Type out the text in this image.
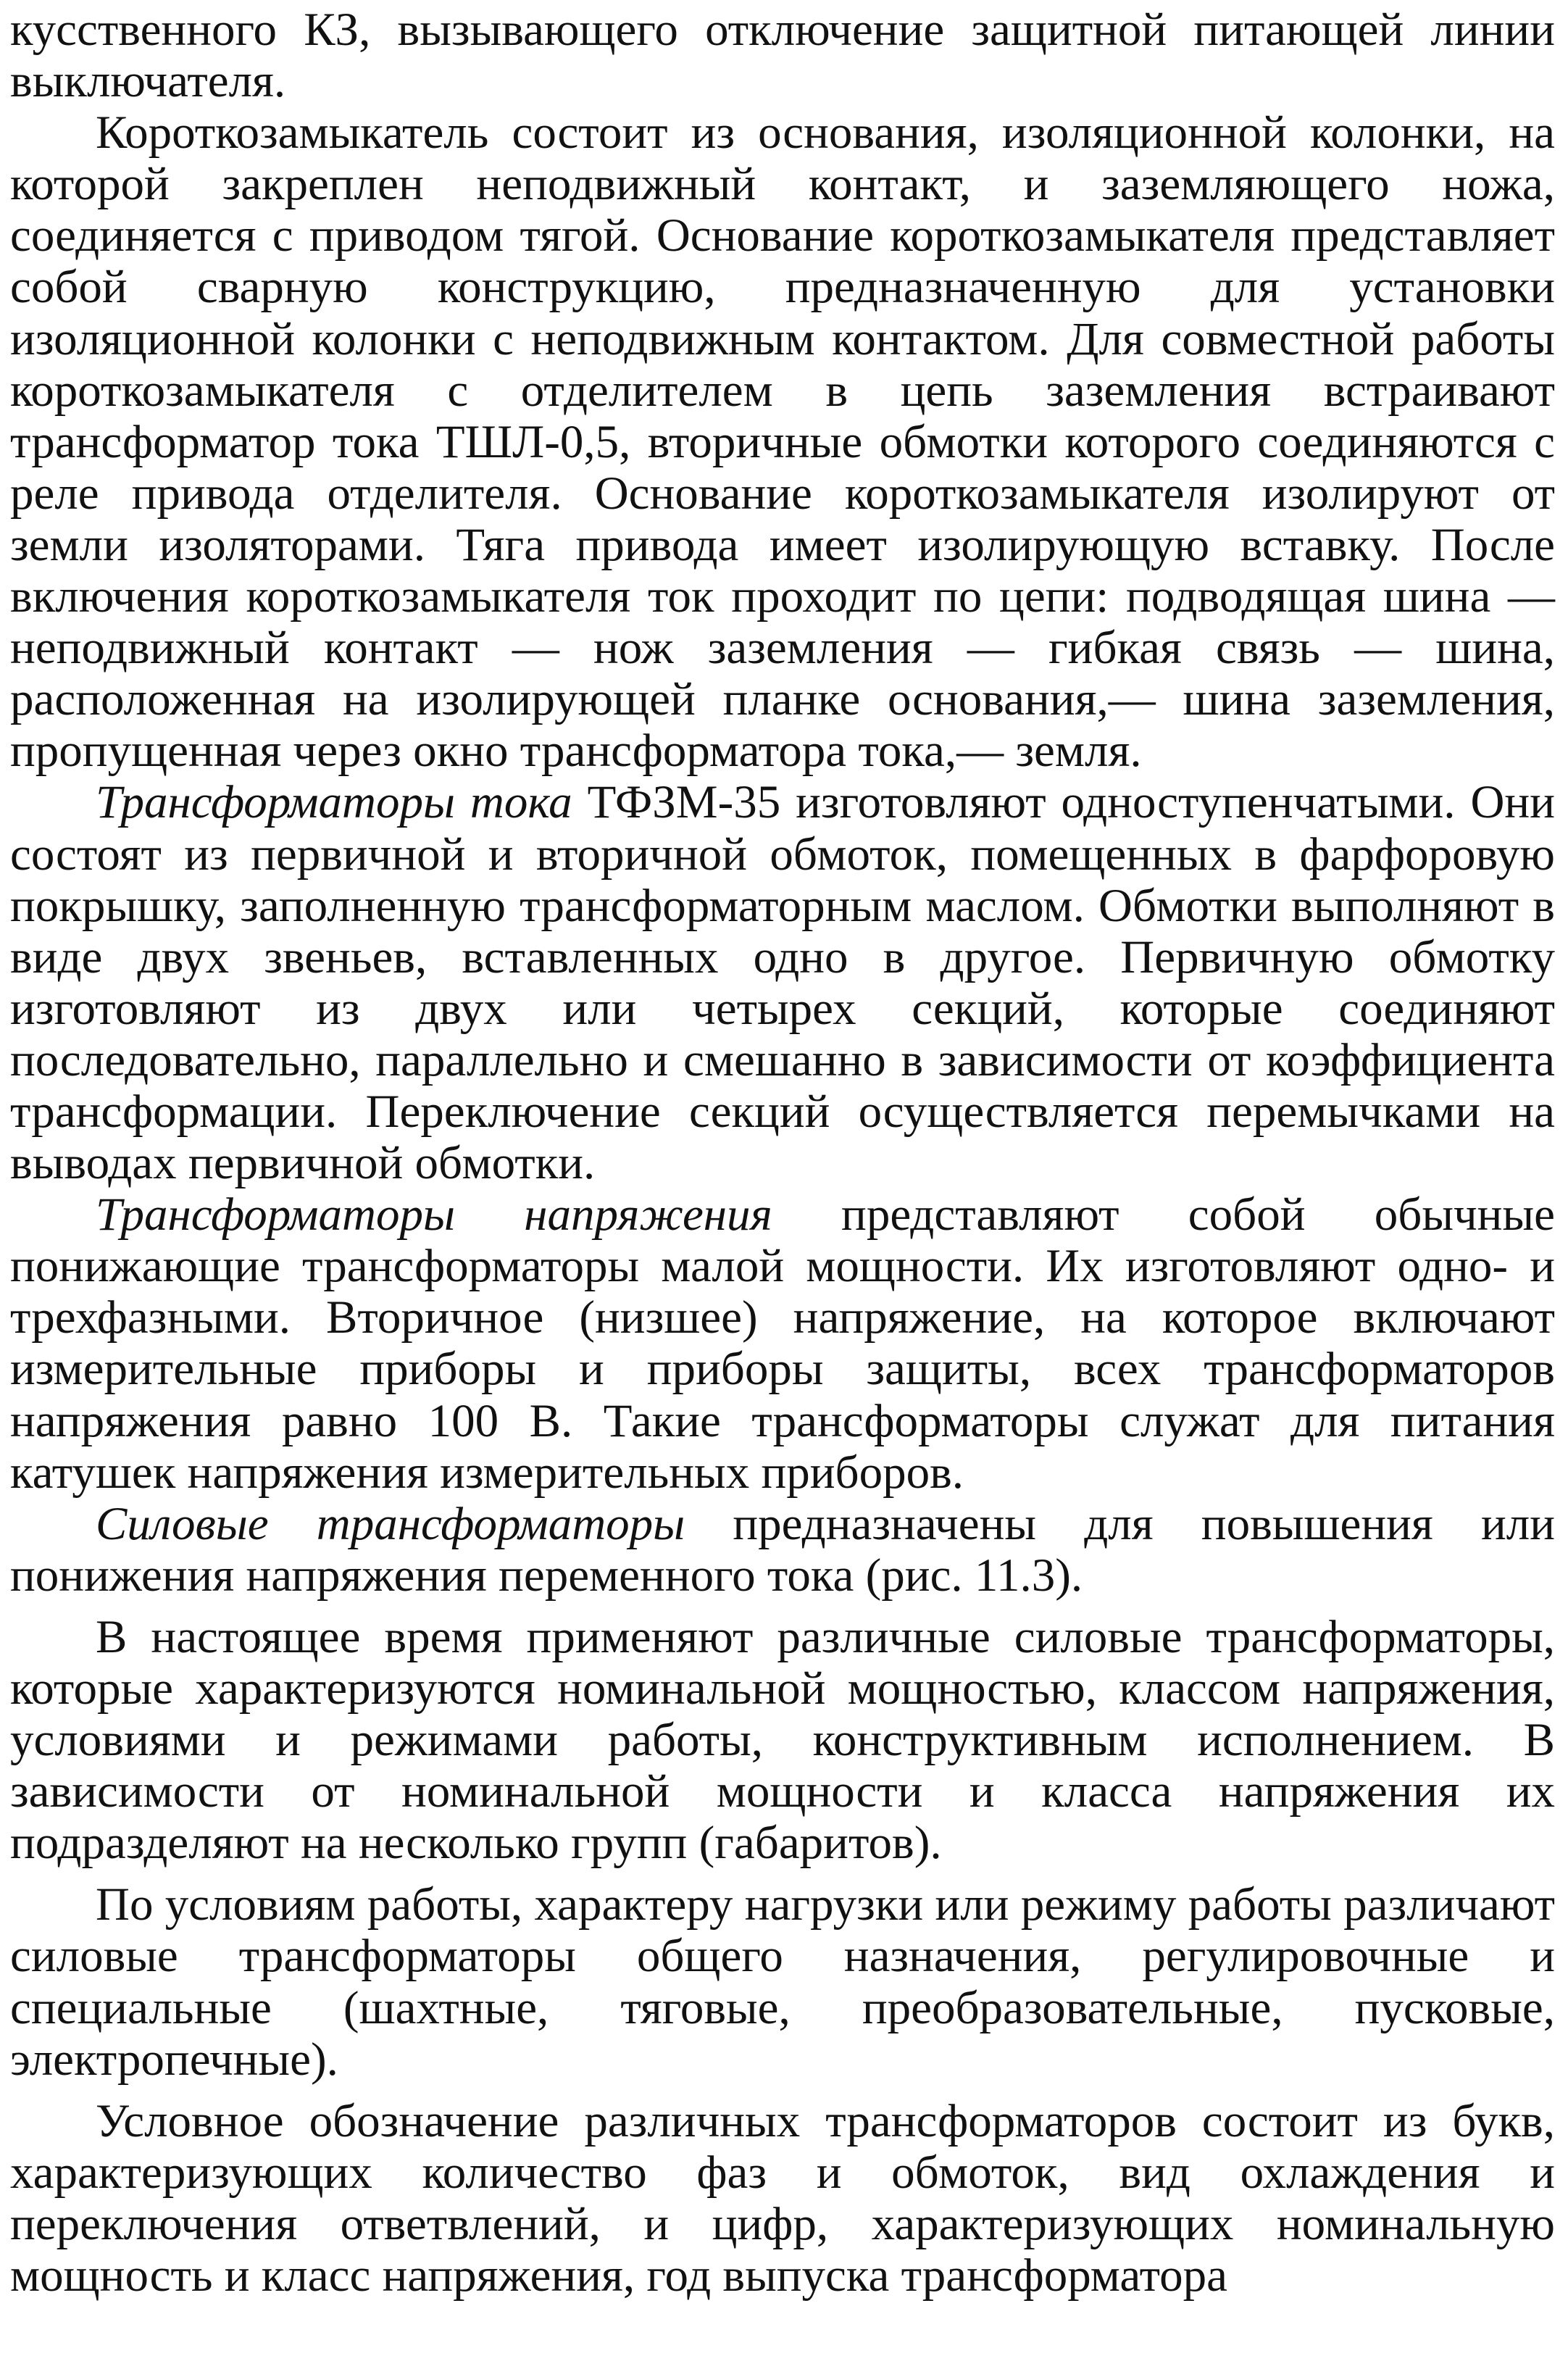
кусственного КЗ, вызывающего отключение защитной питающей линии выключателя.

Короткозамыкатель состоит из основания, изоляционной колонки, на которой закреплен неподвижный контакт, и заземляющего ножа, соединяется с приводом тягой. Основание короткозамыкателя представляет собой сварную конструкцию, предназначенную для установки изоляционной колонки с неподвижным контактом. Для совместной работы короткозамыкателя с отделителем в цепь заземления встраивают трансформатор тока ТШЛ-0,5, вторичные обмотки которого соединяются с реле привода отделителя. Основание короткозамыкателя изолируют от земли изоляторами. Тяга привода имеет изолирующую вставку. После включения короткозамыкателя ток проходит по цепи: подводящая шина — неподвижный контакт — нож заземления — гибкая связь — шина, расположенная на изолирующей планке основания,— шина заземления, пропущенная через окно трансформатора тока,— земля.

Трансформаторы тока ТФЗМ-35 изготовляют одноступенчатыми. Они состоят из первичной и вторичной обмоток, помещенных в фарфоровую покрышку, заполненную трансформаторным маслом. Обмотки выполняют в виде двух звеньев, вставленных одно в другое. Первичную обмотку изготовляют из двух или четырех секций, которые соединяют последовательно, параллельно и смешанно в зависимости от коэффициента трансформации. Переключение секций осуществляется перемычками на выводах первичной обмотки.

Трансформаторы напряжения представляют собой обычные понижающие трансформаторы малой мощности. Их изготовляют одно- и трехфазными. Вторичное (низшее) напряжение, на которое включают измерительные приборы и приборы защиты, всех трансформаторов напряжения равно 100 В. Такие трансформаторы служат для питания катушек напряжения измерительных приборов.

Силовые трансформаторы предназначены для повышения или понижения напряжения переменного тока (рис. 11.3).

В настоящее время применяют различные силовые трансформаторы, которые характеризуются номинальной мощностью, классом напряжения, условиями и режимами работы, конструктивным исполнением. В зависимости от номинальной мощности и класса напряжения их подразделяют на несколько групп (габаритов).

По условиям работы, характеру нагрузки или режиму работы различают силовые трансформаторы общего назначения, регулировочные и специальные (шахтные, тяговые, преобразовательные, пусковые, электропечные).

Условное обозначение различных трансформаторов состоит из букв, характеризующих количество фаз и обмоток, вид охлаждения и переключения ответвлений, и цифр, характеризующих номинальную мощность и класс напряжения, год выпуска трансформатора
